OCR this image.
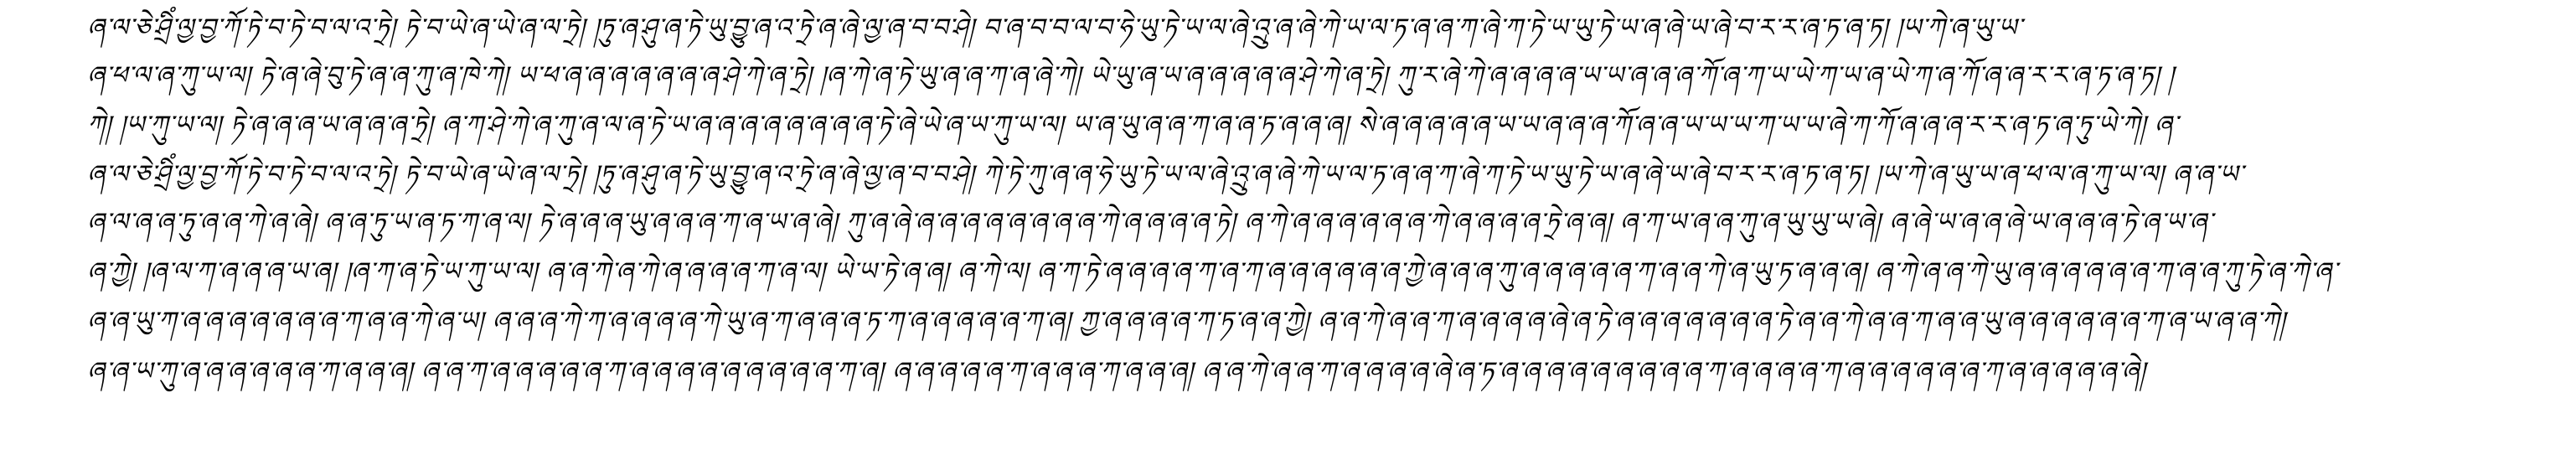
ཞ་ལ་ཅེ་ཤྲིཾ་ལྱ་བྱ་ཀོ་ཏེ་བ་ཏེ་བ་ལ་འ་ཏྲེ། ཏེ་བ་ཡེ་ཞ་ཡེ་ཞ་ལ་ཏྲེ། །ཏུ་ཞ་ཤུ་ཞ་ཏེ་ཡུ་བྱུ་ཞ་འ་ཏྲེ་ཞ་ཞེ་ལྱ་ཞ་བ་བ་ཤེ། བ་ཞ་བ་བ་ལ་བ་ཧེ་ཡུ་ཏེ་ཡ་ལ་ཞེ་འྲུ་ཞ་ཞེ་ཀེ་ཡ་ལ་ཏ་ཞ་ཞ་ཀ་ཞེ་ཀ་ཏེ་ཡ་ཡུ་ཏེ་ཡ་ཞ་ཞེ་ཡ་ཞེ་བ་ར་ར་ཞ་ཏ་ཞ་ཏ། །ཡ་ཀེ་ཞ་ཡུ་ཡ་
ཞ་ཕ་ལ་ཞ་ཀུ་ཡ་ལ། ཏེ་ཞ་ཞེ་བུ་ཏེ་ཞ་ཞ་ཀུ་ཞ་ཁེ་ཀེ། ཡ་ཕ་ཞ་ཞ་ཞ་ཞ་ཞ་ཞ་ཞ་ཤེ་ཀེ་ཞ་ཏྲེ། །ཞ་ཀེ་ཞ་ཏེ་ཡུ་ཞ་ཞ་ཀ་ཞ་ཞེ་ཀེ། ཡེ་ཡུ་ཞ་ཡ་ཞ་ཞ་ཞ་ཞ་ཞ་ཤེ་ཀེ་ཞ་ཏྲེ། ཀུ་ར་ཞེ་ཀེ་ཞ་ཞ་ཞ་ཞ་ཡ་ཡ་ཞ་ཞ་ཞ་ཀོ་ཞ་ཀ་ཡ་ཡེ་ཀ་ཡ་ཞ་ཡེ་ཀ་ཞ་ཀོ་ཞ་ཞ་ར་ར་ཞ་ཏ་ཞ་ཏ། །
ཀེ། །ཡ་ཀུ་ཡ་ལ། ཏེ་ཞ་ཞ་ཞ་ཡ་ཞ་ཞ་ཞ་ཏྲེ། ཞ་ཀ་ཤེ་ཀེ་ཞ་ཀུ་ཞ་ལ་ཞ་ཏེ་ཡ་ཞ་ཞ་ཞ་ཞ་ཞ་ཞ་ཞ་ཞ་ཏེ་ཞེ་ཡེ་ཞ་ཡ་ཀུ་ཡ་ལ། ཡ་ཞ་ཡུ་ཞ་ཞ་ཀ་ཞ་ཞ་ཏ་ཞ་ཞ་ཞ། སེ་ཞ་ཞ་ཞ་ཞ་ཞ་ཡ་ཡ་ཞ་ཞ་ཞ་ཀོ་ཞ་ཞ་ཡ་ཡ་ཡ་ཀ་ཡ་ཡ་ཞེ་ཀ་ཀོ་ཞ་ཞ་ཞ་ར་ར་ཞ་ཏ་ཞ་ཏུ་ཡེ་ཀེ། ཞ་
ཞ་ལ་ཅེ་ཤྲིཾ་ལྱ་བྱ་ཀོ་ཏེ་བ་ཏེ་བ་ལ་འ་ཏྲེ། ཏེ་བ་ཡེ་ཞ་ཡེ་ཞ་ལ་ཏྲེ། །ཏུ་ཞ་ཤུ་ཞ་ཏེ་ཡུ་བྱུ་ཞ་འ་ཏྲེ་ཞ་ཞེ་ལྱ་ཞ་བ་བ་ཤེ། ཀེ་ཏེ་ཀུ་ཞ་ཞ་ཧེ་ཡུ་ཏེ་ཡ་ལ་ཞེ་འྲུ་ཞ་ཞེ་ཀེ་ཡ་ལ་ཏ་ཞ་ཞ་ཀ་ཞེ་ཀ་ཏེ་ཡ་ཡུ་ཏེ་ཡ་ཞ་ཞེ་ཡ་ཞེ་བ་ར་ར་ཞ་ཏ་ཞ་ཏ། །ཡ་ཀེ་ཞ་ཡུ་ཡ་ཞ་ཕ་ལ་ཞ་ཀུ་ཡ་ལ། ཞ་ཞ་ཡ་
ཞ་ལ་ཞ་ཞ་ཏུ་ཞ་ཞ་ཀེ་ཞ་ཞེ། ཞ་ཞ་ཏུ་ཡ་ཞ་ཏ་ཀ་ཞ་ལ། ཏེ་ཞ་ཞ་ཞ་ཡུ་ཞ་ཞ་ཞ་ཀ་ཞ་ཡ་ཞ་ཞེ། ཀུ་ཞ་ཞེ་ཞ་ཞ་ཞ་ཞ་ཞ་ཞ་ཞ་ཞ་ཀེ་ཞ་ཞ་ཞ་ཞ་ཏེ། ཞ་ཀེ་ཞ་ཞ་ཞ་ཞ་ཞ་ཞ་ཀེ་ཞ་ཞ་ཞ་ཞ་ཏྲེ་ཞ་ཞ། ཞ་ཀ་ཡ་ཞ་ཞ་ཀུ་ཞ་ཡུ་ཡུ་ཡ་ཞེ། ཞ་ཞེ་ཡ་ཞ་ཞ་ཞེ་ཡ་ཞ་ཞ་ཞ་ཏེ་ཞ་ཡ་ཞ་
ཞ་ཀྱེ། །ཞ་ལ་ཀ་ཞ་ཞ་ཞ་ཡ་ཞ། །ཞ་ཀ་ཞ་ཏེ་ཡ་ཀུ་ཡ་ལ། ཞ་ཞ་ཀེ་ཞ་ཀེ་ཞ་ཞ་ཞ་ཞ་ཀ་ཞ་ལ། ཡེ་ཡ་ཏེ་ཞ་ཞ། ཞ་ཀེ་ལ། ཞ་ཀ་ཏེ་ཞ་ཞ་ཞ་ཞ་ཀ་ཞ་ཀ་ཞ་ཞ་ཞ་ཞ་ཞ་ཞ་ཀྱེ་ཞ་ཞ་ཞ་ཀུ་ཞ་ཞ་ཞ་ཞ་ཞ་ཀ་ཞ་ཞ་ཀེ་ཞ་ཡུ་ཏ་ཞ་ཞ་ཞ། ཞ་ཀེ་ཞ་ཞ་ཀེ་ཡུ་ཞ་ཞ་ཞ་ཞ་ཞ་ཞ་ཀ་ཞ་ཞ་ཀུ་ཏེ་ཞ་ཀེ་ཞ་
ཞ་ཞ་ཡུ་ཀ་ཞ་ཞ་ཞ་ཞ་ཞ་ཞ་ཞ་ཀ་ཞ་ཞ་ཀེ་ཞ་ཡ། ཞ་ཞ་ཞ་ཀེ་ཀ་ཞ་ཞ་ཞ་ཞ་ཀེ་ཡུ་ཞ་ཀ་ཞ་ཞ་ཞ་ཏ་ཀ་ཞ་ཞ་ཞ་ཞ་ཞ་ཀ་ཞ། ཀྱ་ཞ་ཞ་ཞ་ཞ་ཀ་ཏ་ཞ་ཞ་ཀྱེ། ཞ་ཞ་ཀེ་ཞ་ཞ་ཀ་ཞ་ཞ་ཞ་ཞ་ཞེ་ཞ་ཏེ་ཞ་ཞ་ཞ་ཞ་ཞ་ཞ་ཞ་ཏེ་ཞ་ཞ་ཀེ་ཞ་ཞ་ཀ་ཞ་ཞ་ཡུ་ཞ་ཞ་ཞ་ཞ་ཞ་ཞ་ཀ་ཞ་ཡ་ཞ་ཞ་ཀེ།
ཞ་ཞ་ཡ་ཀུ་ཞ་ཞ་ཞ་ཞ་ཞ་ཞ་ཀ་ཞ་ཞ་ཞ། ཞ་ཞ་ཀ་ཞ་ཞ་ཞ་ཞ་ཞ་ཀ་ཞ་ཞ་ཞ་ཞ་ཞ་ཞ་ཞ་ཞ་ཞ་ཀ་ཞ། ཞ་ཞ་ཞ་ཞ་ཞ་ཀ་ཞ་ཞ་ཞ་ཀ་ཞ་ཞ་ཞ། ཞ་ཞ་ཀེ་ཞ་ཞ་ཀ་ཞ་ཞ་ཞ་ཞ་ཞེ་ཞ་ཏ་ཞ་ཞ་ཞ་ཞ་ཞ་ཞ་ཞ་ཞ་ཞ་ཀ་ཞ་ཞ་ཞ་ཞ་ཀ་ཞ་ཞ་ཞ་ཞ་ཞ་ཞ་ཀ་ཞ་ཞ་ཞ་ཞ་ཞ་ཞེ།
